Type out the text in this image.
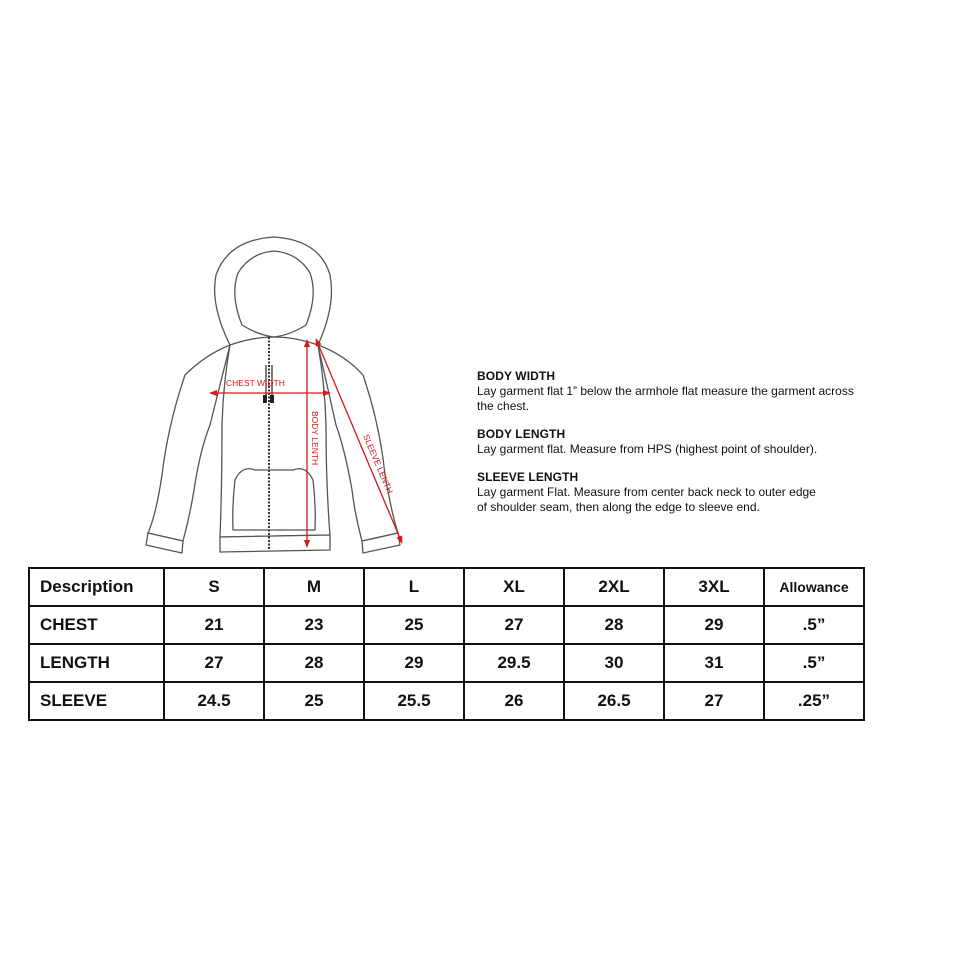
CHEST WIDTH
BODY LENTH	SLEEVE LENTH
BODY WIDTH
Lay garment flat 1” below the armhole flat measure the garment across
the chest.
BODY LENGTH
Lay garment flat. Measure from HPS (highest point of shoulder).
SLEEVE LENGTH
Lay garment Flat. Measure from center back neck to outer edge
of shoulder seam, then along the edge to sleeve end.
Description	S	M	L	XL	2XL	3XL	Allowance
CHEST	21	23	25	27	28	29	.5”
LENGTH	27	28	29	29.5	30	31	.5”
SLEEVE	24.5	25	25.5	26	26.5	27	.25”
